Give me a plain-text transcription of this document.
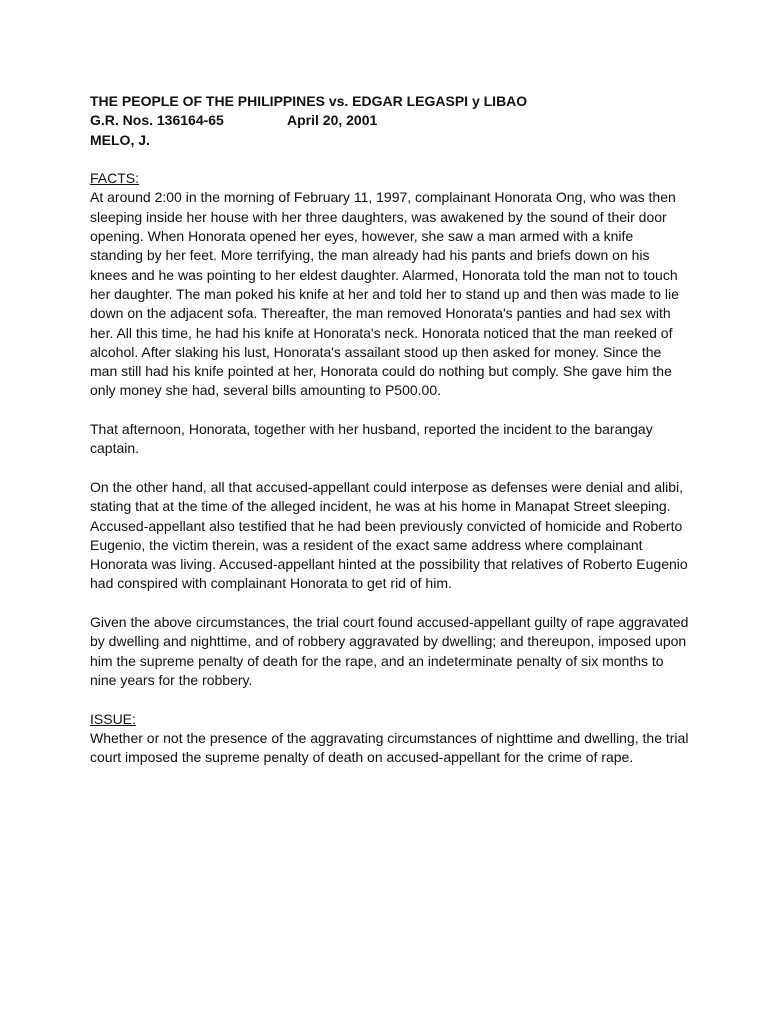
THE PEOPLE OF THE PHILIPPINES vs. EDGAR LEGASPI y LIBAO

G.R. Nos. 136164-65	April 20, 2001

MELO, J.

FACTS:

At around 2:00 in the morning of February 11, 1997, complainant Honorata Ong, who was then sleeping inside her house with her three daughters, was awakened by the sound of their door opening. When Honorata opened her eyes, however, she saw a man armed with a knife standing by her feet. More terrifying, the man already had his pants and briefs down on his knees and he was pointing to her eldest daughter. Alarmed, Honorata told the man not to touch her daughter. The man poked his knife at her and told her to stand up and then was made to lie down on the adjacent sofa. Thereafter, the man removed Honorata's panties and had sex with her. All this time, he had his knife at Honorata's neck. Honorata noticed that the man reeked of alcohol. After slaking his lust, Honorata's assailant stood up then asked for money. Since the man still had his knife pointed at her, Honorata could do nothing but comply. She gave him the only money she had, several bills amounting to P500.00.

That afternoon, Honorata, together with her husband, reported the incident to the barangay captain.

On the other hand, all that accused-appellant could interpose as defenses were denial and alibi, stating that at the time of the alleged incident, he was at his home in Manapat Street sleeping. Accused-appellant also testified that he had been previously convicted of homicide and Roberto Eugenio, the victim therein, was a resident of the exact same address where complainant Honorata was living. Accused-appellant hinted at the possibility that relatives of Roberto Eugenio had conspired with complainant Honorata to get rid of him.

Given the above circumstances, the trial court found accused-appellant guilty of rape aggravated by dwelling and nighttime, and of robbery aggravated by dwelling; and thereupon, imposed upon him the supreme penalty of death for the rape, and an indeterminate penalty of six months to nine years for the robbery.

ISSUE:

Whether or not the presence of the aggravating circumstances of nighttime and dwelling, the trial court imposed the supreme penalty of death on accused-appellant for the crime of rape.
